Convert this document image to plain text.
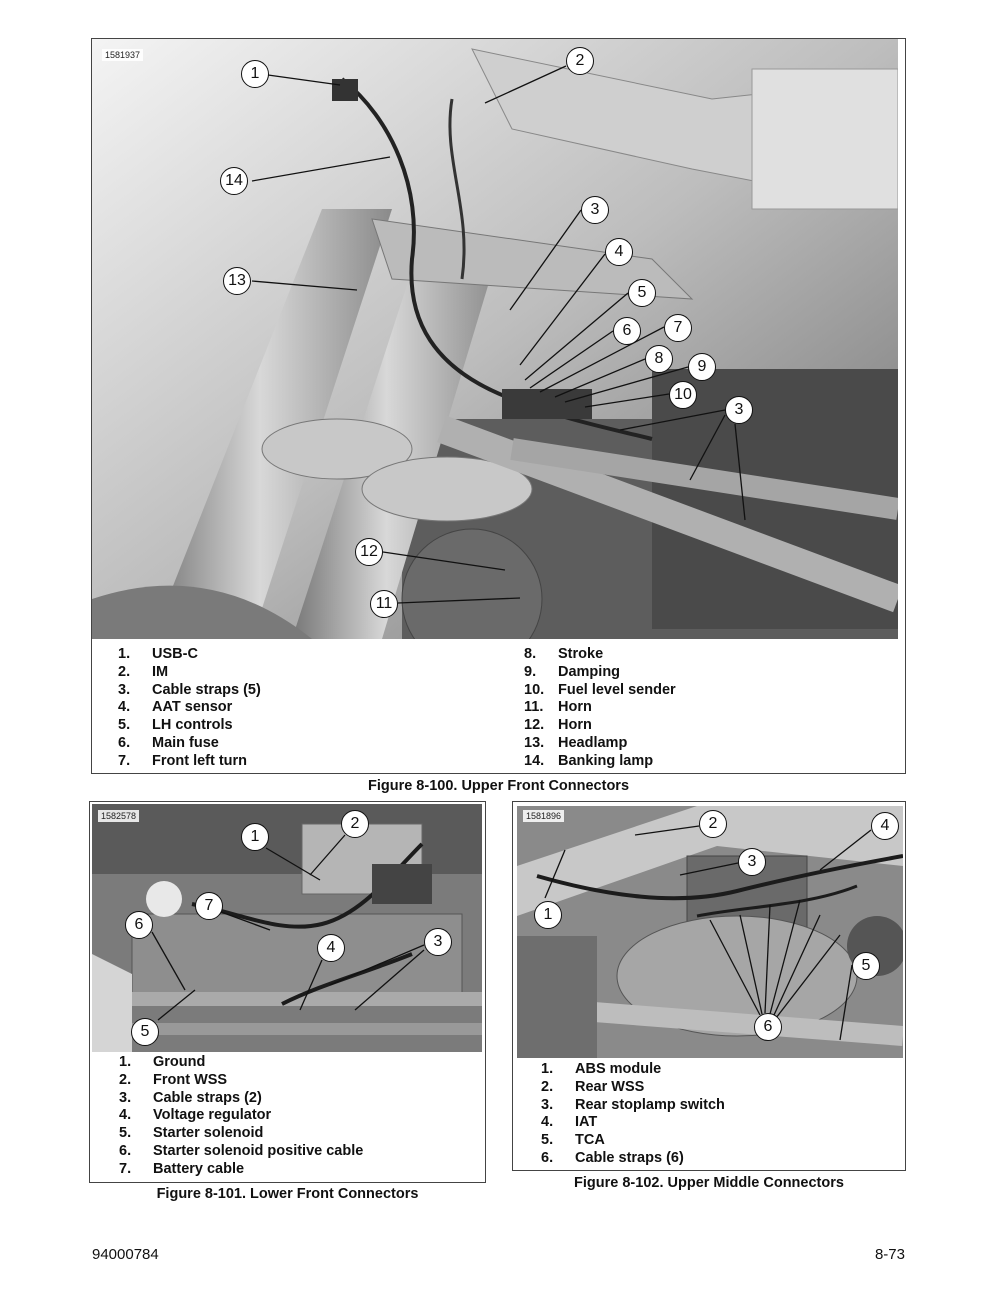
1581937
1
2
14
3
13
4
5
6	7
8	9
10
3
12
11
1.	USB-C
2.	IM
3.	Cable straps (5)
4.	AAT sensor
5.	LH controls
6.	Main fuse
7.	Front left turn
8.	Stroke
9.	Damping
10. Fuel level sender
11.	Horn
12. Horn
13. Headlamp
14. Banking lamp
Figure 8-100. Upper Front Connectors
1582578
1
2
7
6
4	3
5
1.	Ground
2.	Front WSS
3.	Cable straps (2)
4.	Voltage regulator
5.	Starter solenoid
6.	Starter solenoid positive cable
7.	Battery cable
Figure 8-101. Lower Front Connectors
1581896	2	4
3
1
5
6
1.	ABS module
2.	Rear WSS
3.	Rear stoplamp switch
4.	IAT
5.	TCA
6.	Cable straps (6)
Figure 8-102. Upper Middle Connectors
94000784	8-73
